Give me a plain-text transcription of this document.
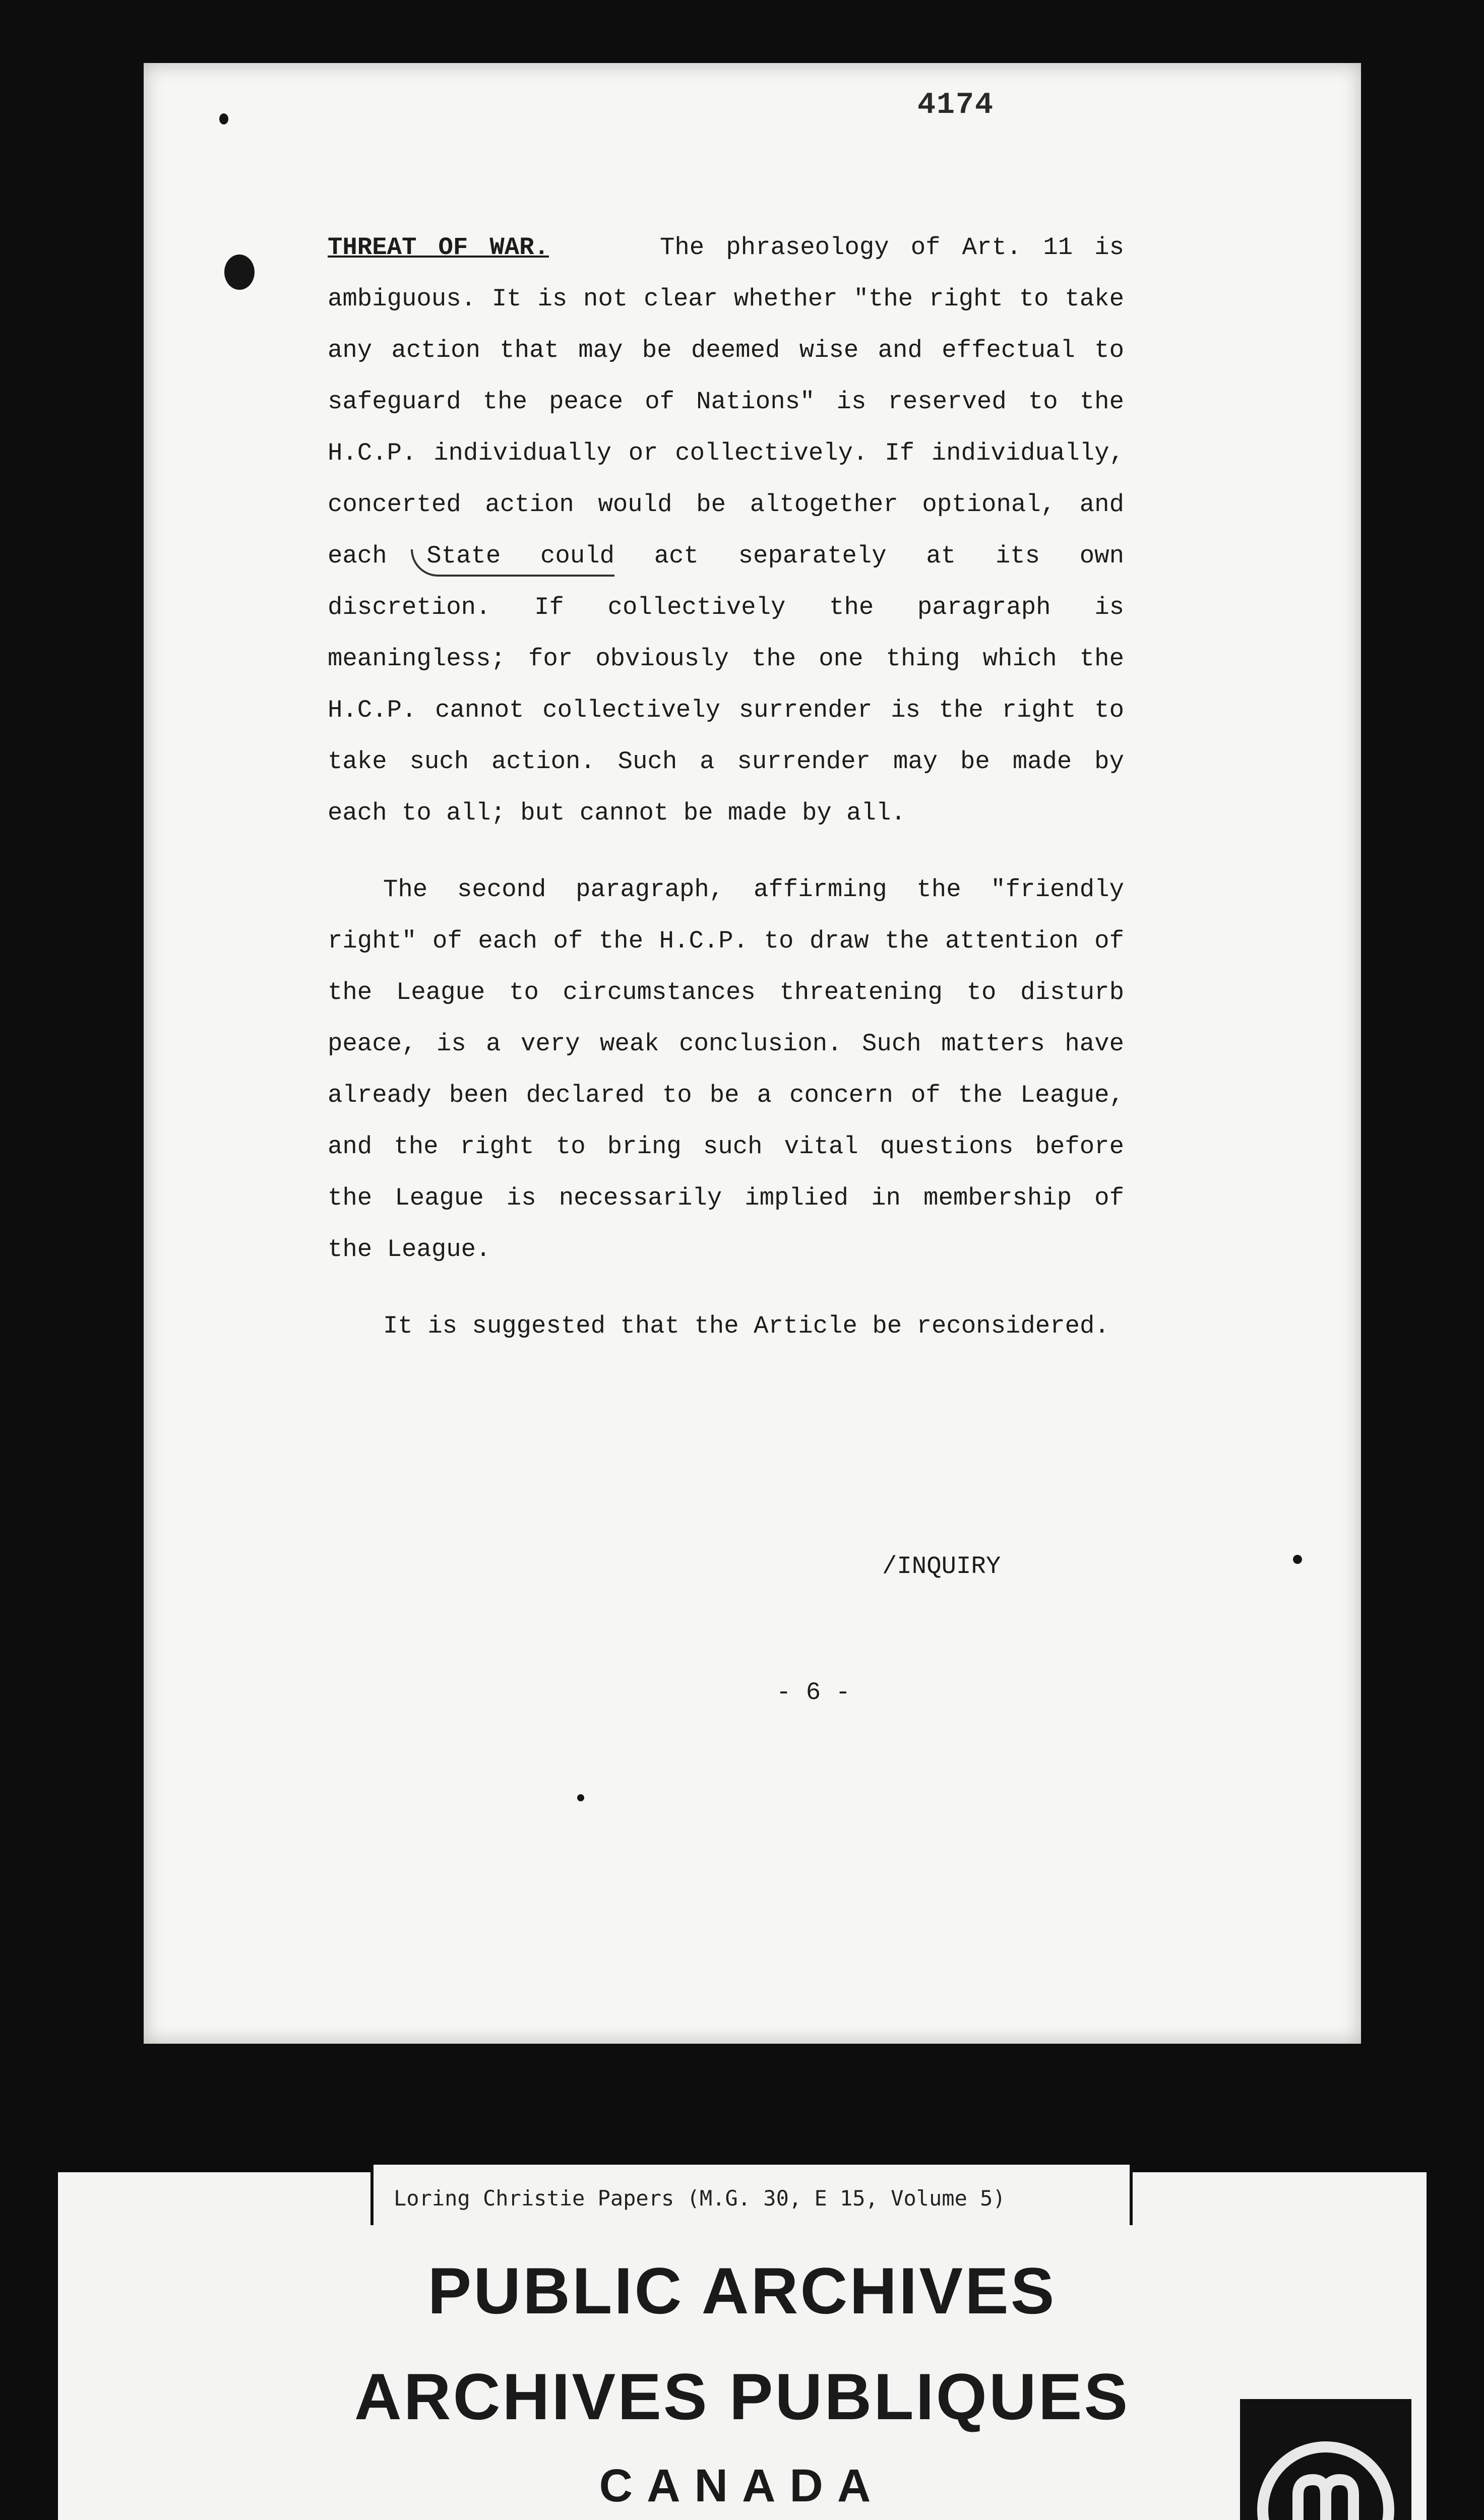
4174

THREAT OF WAR.	The phraseology of Art. 11 is ambiguous. It is not clear whether "the right to take any action that may be deemed wise and effectual to safeguard the peace of Nations" is reserved to the H.C.P. individually or collectively. If individually, concerted action would be altogether optional, and each State could act separately at its own discretion. If collectively the paragraph is meaningless; for obviously the one thing which the H.C.P. cannot collectively surrender is the right to take such action. Such a surrender may be made by each to all; but cannot be made by all.

The second paragraph, affirming the "friendly right" of each of the H.C.P. to draw the attention of the League to circumstances threatening to disturb peace, is a very weak conclusion. Such matters have already been declared to be a concern of the League, and the right to bring such vital questions before the League is necessarily implied in membership of the League.

It is suggested that the Article be reconsidered.

/INQUIRY
- 6 -
Loring Christie Papers (M.G. 30, E 15, Volume 5)
PUBLIC ARCHIVES
ARCHIVES PUBLIQUES
CANADA
